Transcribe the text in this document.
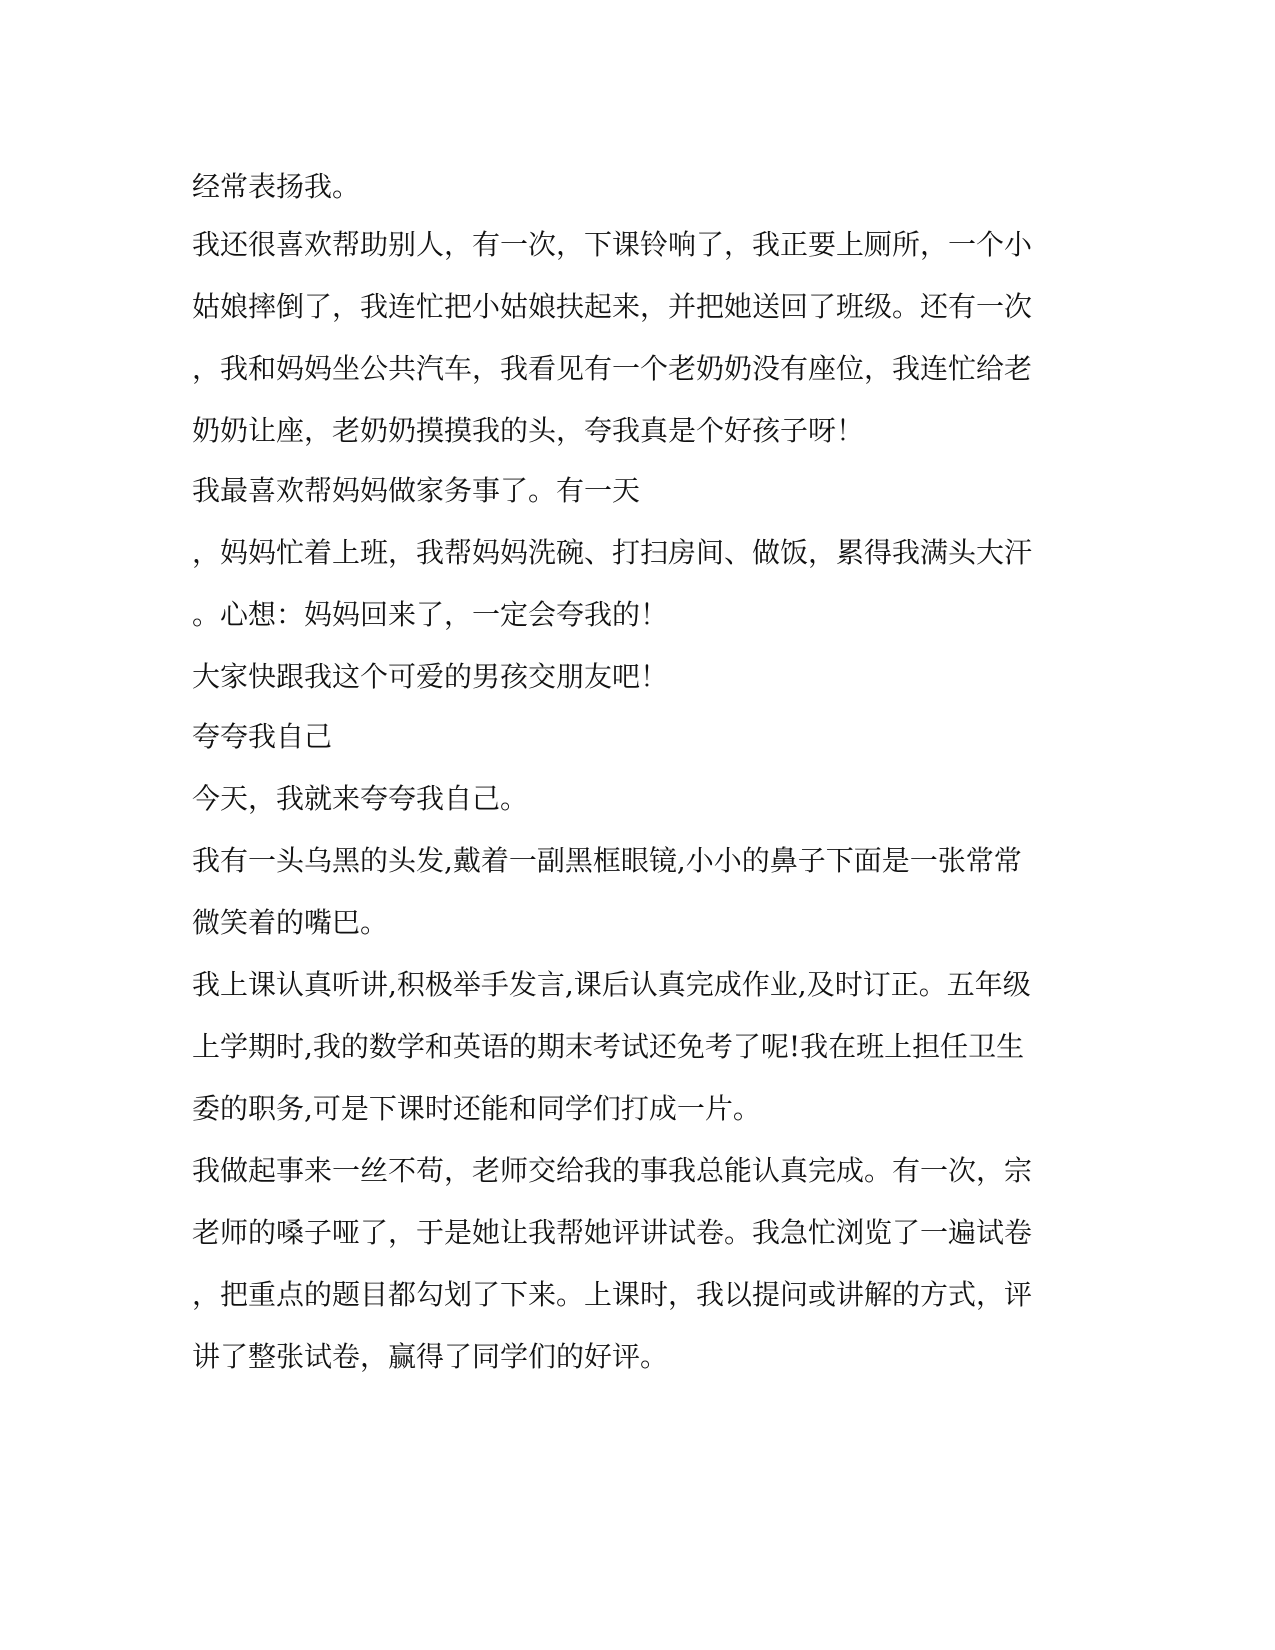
经常表扬我。
我还很喜欢帮助别人，有一次，下课铃响了，我正要上厕所，一个小
姑娘摔倒了，我连忙把小姑娘扶起来，并把她送回了班级。还有一次
，我和妈妈坐公共汽车，我看见有一个老奶奶没有座位，我连忙给老
奶奶让座，老奶奶摸摸我的头，夸我真是个好孩子呀！
我最喜欢帮妈妈做家务事了。有一天
，妈妈忙着上班，我帮妈妈洗碗、打扫房间、做饭，累得我满头大汗
。心想：妈妈回来了，一定会夸我的！
大家快跟我这个可爱的男孩交朋友吧！
夸夸我自己
今天，我就来夸夸我自己。
我有一头乌黑的头发,戴着一副黑框眼镜,小小的鼻子下面是一张常常
微笑着的嘴巴。
我上课认真听讲,积极举手发言,课后认真完成作业,及时订正。五年级
上学期时,我的数学和英语的期末考试还免考了呢!我在班上担任卫生
委的职务,可是下课时还能和同学们打成一片。
我做起事来一丝不苟，老师交给我的事我总能认真完成。有一次，宗
老师的嗓子哑了，于是她让我帮她评讲试卷。我急忙浏览了一遍试卷
，把重点的题目都勾划了下来。上课时，我以提问或讲解的方式，评
讲了整张试卷，赢得了同学们的好评。
